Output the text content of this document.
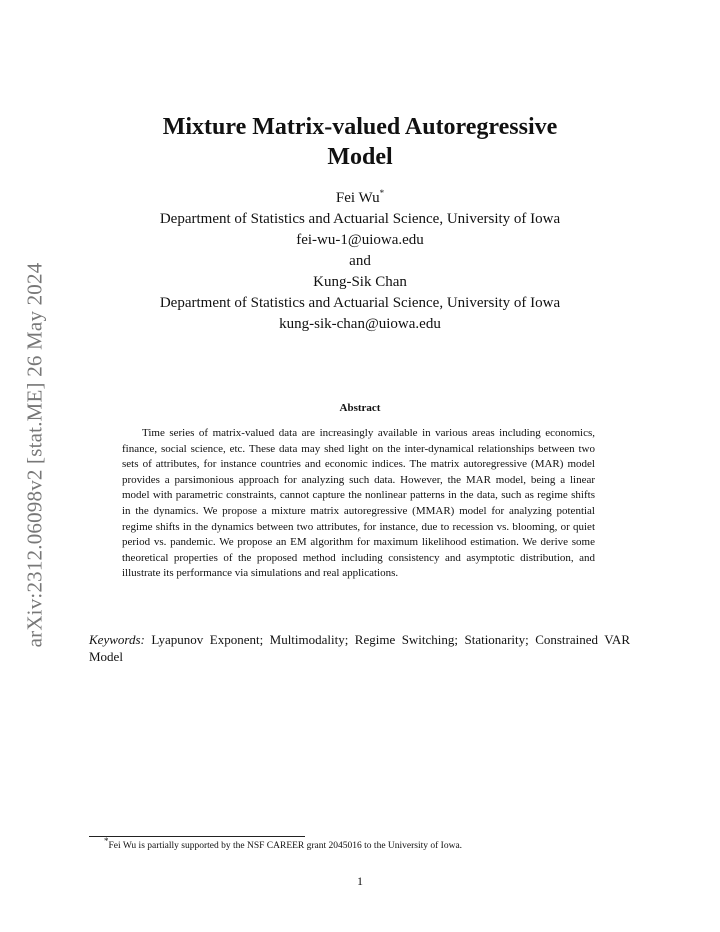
arXiv:2312.06098v2 [stat.ME] 26 May 2024
Mixture Matrix-valued Autoregressive
Model
Fei Wu*
Department of Statistics and Actuarial Science, University of Iowa
fei-wu-1@uiowa.edu
and
Kung-Sik Chan
Department of Statistics and Actuarial Science, University of Iowa
kung-sik-chan@uiowa.edu
Abstract

Time series of matrix-valued data are increasingly available in various areas including economics, finance, social science, etc. These data may shed light on the inter-dynamical relationships between two sets of attributes, for instance countries and economic indices. The matrix autoregressive (MAR) model provides a parsimonious approach for analyzing such data. However, the MAR model, being a linear model with parametric constraints, cannot capture the nonlinear patterns in the data, such as regime shifts in the dynamics. We propose a mixture matrix autoregressive (MMAR) model for analyzing potential regime shifts in the dynamics between two attributes, for instance, due to recession vs. blooming, or quiet period vs. pandemic. We propose an EM algorithm for maximum likelihood estimation. We derive some theoretical properties of the proposed method including consistency and asymptotic distribution, and illustrate its performance via simulations and real applications.

Keywords: Lyapunov Exponent; Multimodality; Regime Switching; Stationarity; Constrained VAR Model

*Fei Wu is partially supported by the NSF CAREER grant 2045016 to the University of Iowa.
1
